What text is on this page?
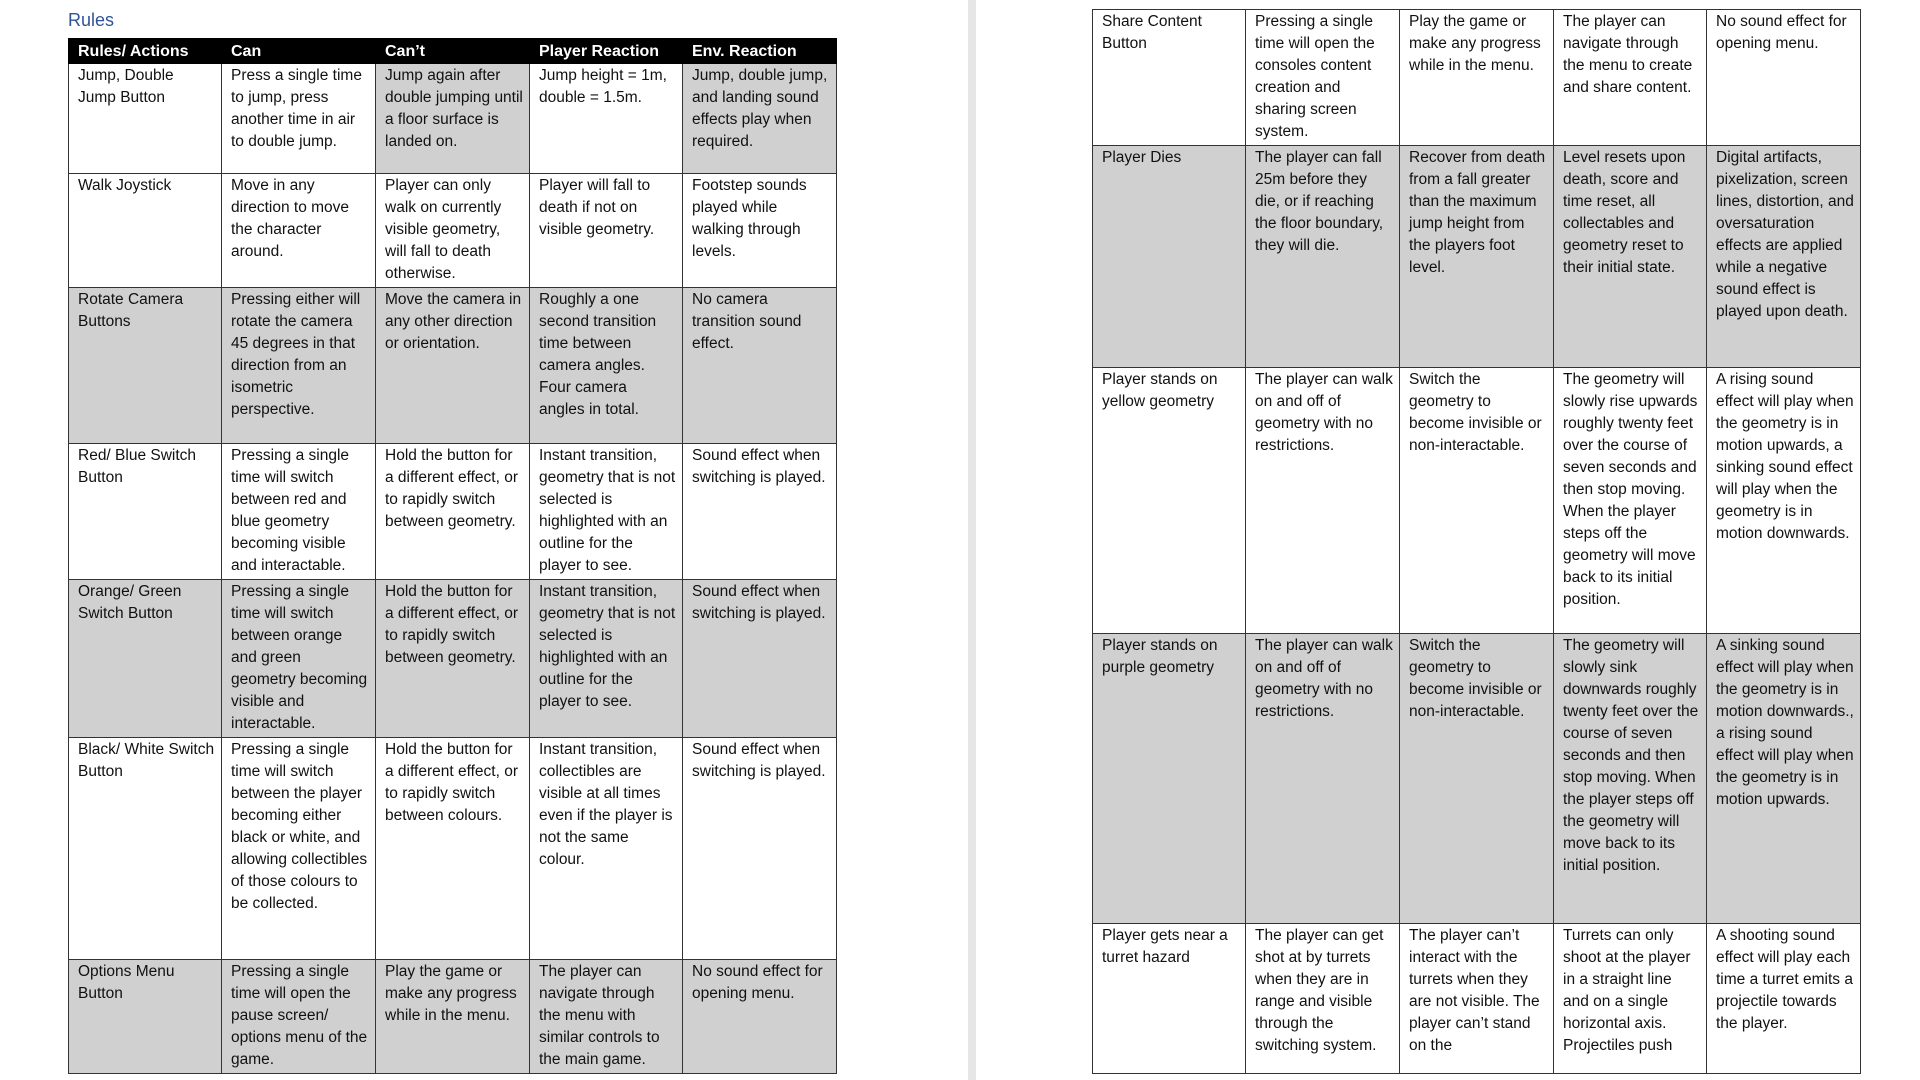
Rules
Rules/ Actions	Can	Can’t	Player Reaction	Env. Reaction
Jump, Double Jump Button	Press a single time to jump, press another time in air to double jump.	Jump again after double jumping until a floor surface is landed on.	Jump height = 1m, double = 1.5m.	Jump, double jump, and landing sound effects play when required.
Walk Joystick	Move in any direction to move the character around.	Player can only walk on currently visible geometry, will fall to death otherwise.	Player will fall to death if not on visible geometry.	Footstep sounds played while walking through levels.
Rotate Camera Buttons	Pressing either will rotate the camera 45 degrees in that direction from an isometric perspective.	Move the camera in any other direction or orientation.	Roughly a one second transition time between camera angles. Four camera angles in total.	No camera transition sound effect.
Red/ Blue Switch Button	Pressing a single time will switch between red and blue geometry becoming visible and interactable.	Hold the button for a different effect, or to rapidly switch between geometry.	Instant transition, geometry that is not selected is highlighted with an outline for the player to see.	Sound effect when switching is played.
Orange/ Green Switch Button	Pressing a single time will switch between orange and green geometry becoming visible and interactable.	Hold the button for a different effect, or to rapidly switch between geometry.	Instant transition, geometry that is not selected is highlighted with an outline for the player to see.	Sound effect when switching is played.
Black/ White Switch Button	Pressing a single time will switch between the player becoming either black or white, and allowing collectibles of those colours to be collected.	Hold the button for a different effect, or to rapidly switch between colours.	Instant transition, collectibles are visible at all times even if the player is not the same colour.	Sound effect when switching is played.
Options Menu Button	Pressing a single time will open the pause screen/ options menu of the game.	Play the game or make any progress while in the menu.	The player can navigate through the menu with similar controls to the main game.	No sound effect for opening menu.
Share Content Button	Pressing a single time will open the consoles content creation and sharing screen system.	Play the game or make any progress while in the menu.	The player can navigate through the menu to create and share content.	No sound effect for opening menu.
Player Dies	The player can fall 25m before they die, or if reaching the floor boundary, they will die.	Recover from death from a fall greater than the maximum jump height from the players foot level.	Level resets upon death, score and time reset, all collectables and geometry reset to their initial state.	Digital artifacts, pixelization, screen lines, distortion, and oversaturation effects are applied while a negative sound effect is played upon death.
Player stands on yellow geometry	The player can walk on and off of geometry with no restrictions.	Switch the geometry to become invisible or non-interactable.	The geometry will slowly rise upwards roughly twenty feet over the course of seven seconds and then stop moving. When the player steps off the geometry will move back to its initial position.	A rising sound effect will play when the geometry is in motion upwards, a sinking sound effect will play when the geometry is in motion downwards.
Player stands on purple geometry	The player can walk on and off of geometry with no restrictions.	Switch the geometry to become invisible or non-interactable.	The geometry will slowly sink downwards roughly twenty feet over the course of seven seconds and then stop moving. When the player steps off the geometry will move back to its initial position.	A sinking sound effect will play when the geometry is in motion downwards., a rising sound effect will play when the geometry is in motion upwards.
Player gets near a turret hazard	The player can get shot at by turrets when they are in range and visible through the switching system.	The player can’t interact with the turrets when they are not visible. The player can’t stand on the	Turrets can only shoot at the player in a straight line and on a single horizontal axis. Projectiles push	A shooting sound effect will play each time a turret emits a projectile towards the player.
